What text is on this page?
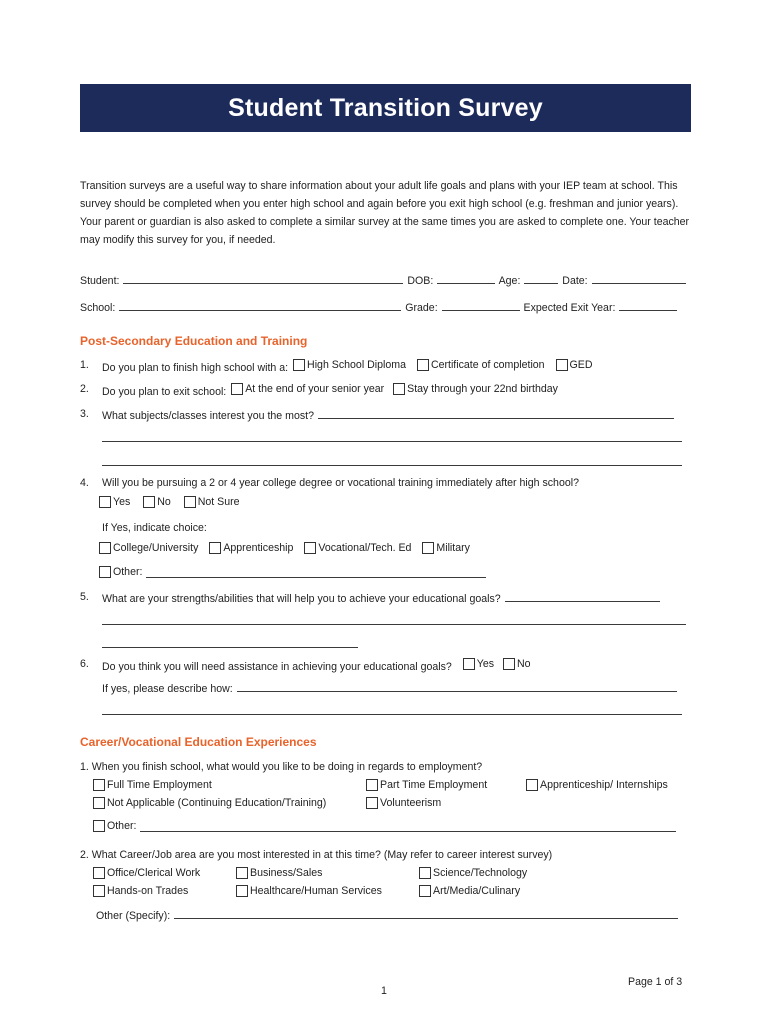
Student Transition Survey
Transition surveys are a useful way to share information about your adult life goals and plans with your IEP team at school. This survey should be completed when you enter high school and again before you exit high school (e.g. freshman and junior years). Your parent or guardian is also asked to complete a similar survey at the same times you are asked to complete one. Your teacher may modify this survey for you, if needed.
Student:	DOB:	Age:	Date:
School:	Grade:	Expected Exit Year:
Post-Secondary Education and Training
1. Do you plan to finish high school with a: High School Diploma
Certificate of completion
GED
2. Do you plan to exit school: At the end of your senior year
Stay through your 22nd birthday
3. What subjects/classes interest you the most?
4. Will you be pursuing a 2 or 4 year college degree or vocational training immediately after high school?
Yes
	No
	Not Sure
If Yes, indicate choice:
College/University
Apprenticeship
Vocational/Tech. Ed
Military
Other:

5. What are your strengths/abilities that will help you to achieve your educational goals?
6. Do you think you will need assistance in achieving your educational goals? Yes
No
If yes, please describe how:
Career/Vocational Education Experiences
1. When you finish school, what would you like to be doing in regards to employment?
Full Time Employment	Part Time Employment	Apprenticeship/ Internships
Not Applicable (Continuing Education/Training)	Volunteerism
Other:

2. What Career/Job area are you most interested in at this time? (May refer to career interest survey)
Office/Clerical Work	Business/Sales	Science/Technology
Hands-on Trades	Healthcare/Human Services	Art/Media/Culinary
Other (Specify):
Page 1 of 3
1
